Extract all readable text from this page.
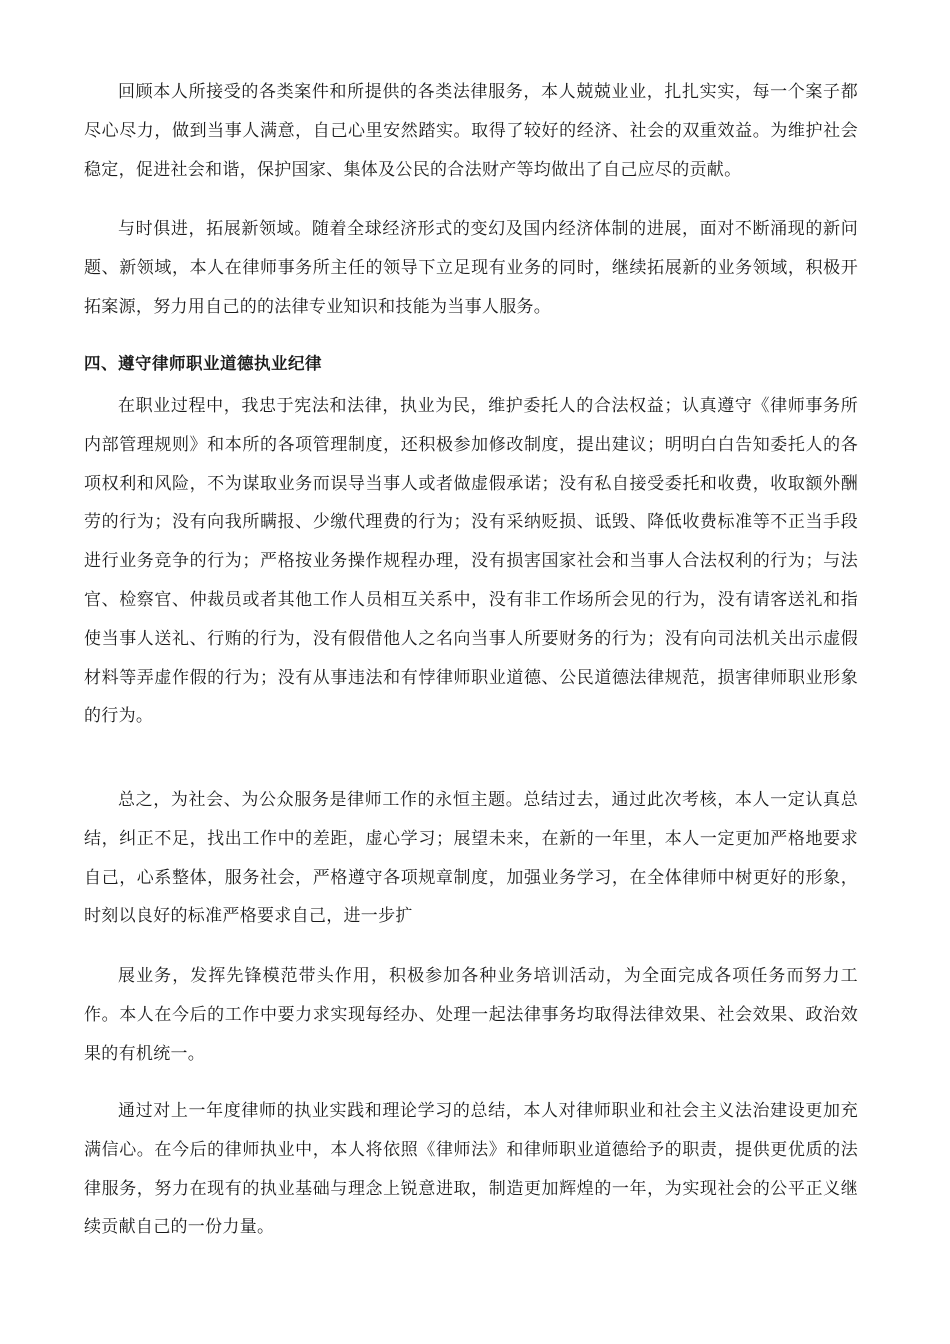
回顾本人所接受的各类案件和所提供的各类法律服务，本人兢兢业业，扎扎实实，每一个案子都尽心尽力，做到当事人满意，自己心里安然踏实。取得了较好的经济、社会的双重效益。为维护社会稳定，促进社会和谐，保护国家、集体及公民的合法财产等均做出了自己应尽的贡献。

与时俱进，拓展新领域。随着全球经济形式的变幻及国内经济体制的进展，面对不断涌现的新问题、新领域，本人在律师事务所主任的领导下立足现有业务的同时，继续拓展新的业务领域，积极开拓案源，努力用自己的的法律专业知识和技能为当事人服务。

四、遵守律师职业道德执业纪律

在职业过程中，我忠于宪法和法律，执业为民，维护委托人的合法权益；认真遵守《律师事务所内部管理规则》和本所的各项管理制度，还积极参加修改制度，提出建议；明明白白告知委托人的各项权利和风险，不为谋取业务而误导当事人或者做虚假承诺；没有私自接受委托和收费，收取额外酬劳的行为；没有向我所瞒报、少缴代理费的行为；没有采纳贬损、诋毁、降低收费标准等不正当手段进行业务竞争的行为；严格按业务操作规程办理，没有损害国家社会和当事人合法权利的行为；与法官、检察官、仲裁员或者其他工作人员相互关系中，没有非工作场所会见的行为，没有请客送礼和指使当事人送礼、行贿的行为，没有假借他人之名向当事人所要财务的行为；没有向司法机关出示虚假材料等弄虚作假的行为；没有从事违法和有悖律师职业道德、公民道德法律规范，损害律师职业形象的行为。

总之，为社会、为公众服务是律师工作的永恒主题。总结过去，通过此次考核，本人一定认真总结，纠正不足，找出工作中的差距，虚心学习；展望未来，在新的一年里，本人一定更加严格地要求自己，心系整体，服务社会，严格遵守各项规章制度，加强业务学习，在全体律师中树更好的形象，时刻以良好的标准严格要求自己，进一步扩

展业务，发挥先锋模范带头作用，积极参加各种业务培训活动，为全面完成各项任务而努力工作。本人在今后的工作中要力求实现每经办、处理一起法律事务均取得法律效果、社会效果、政治效果的有机统一。

通过对上一年度律师的执业实践和理论学习的总结，本人对律师职业和社会主义法治建设更加充满信心。在今后的律师执业中，本人将依照《律师法》和律师职业道德给予的职责，提供更优质的法律服务，努力在现有的执业基础与理念上锐意进取，制造更加辉煌的一年，为实现社会的公平正义继续贡献自己的一份力量。
